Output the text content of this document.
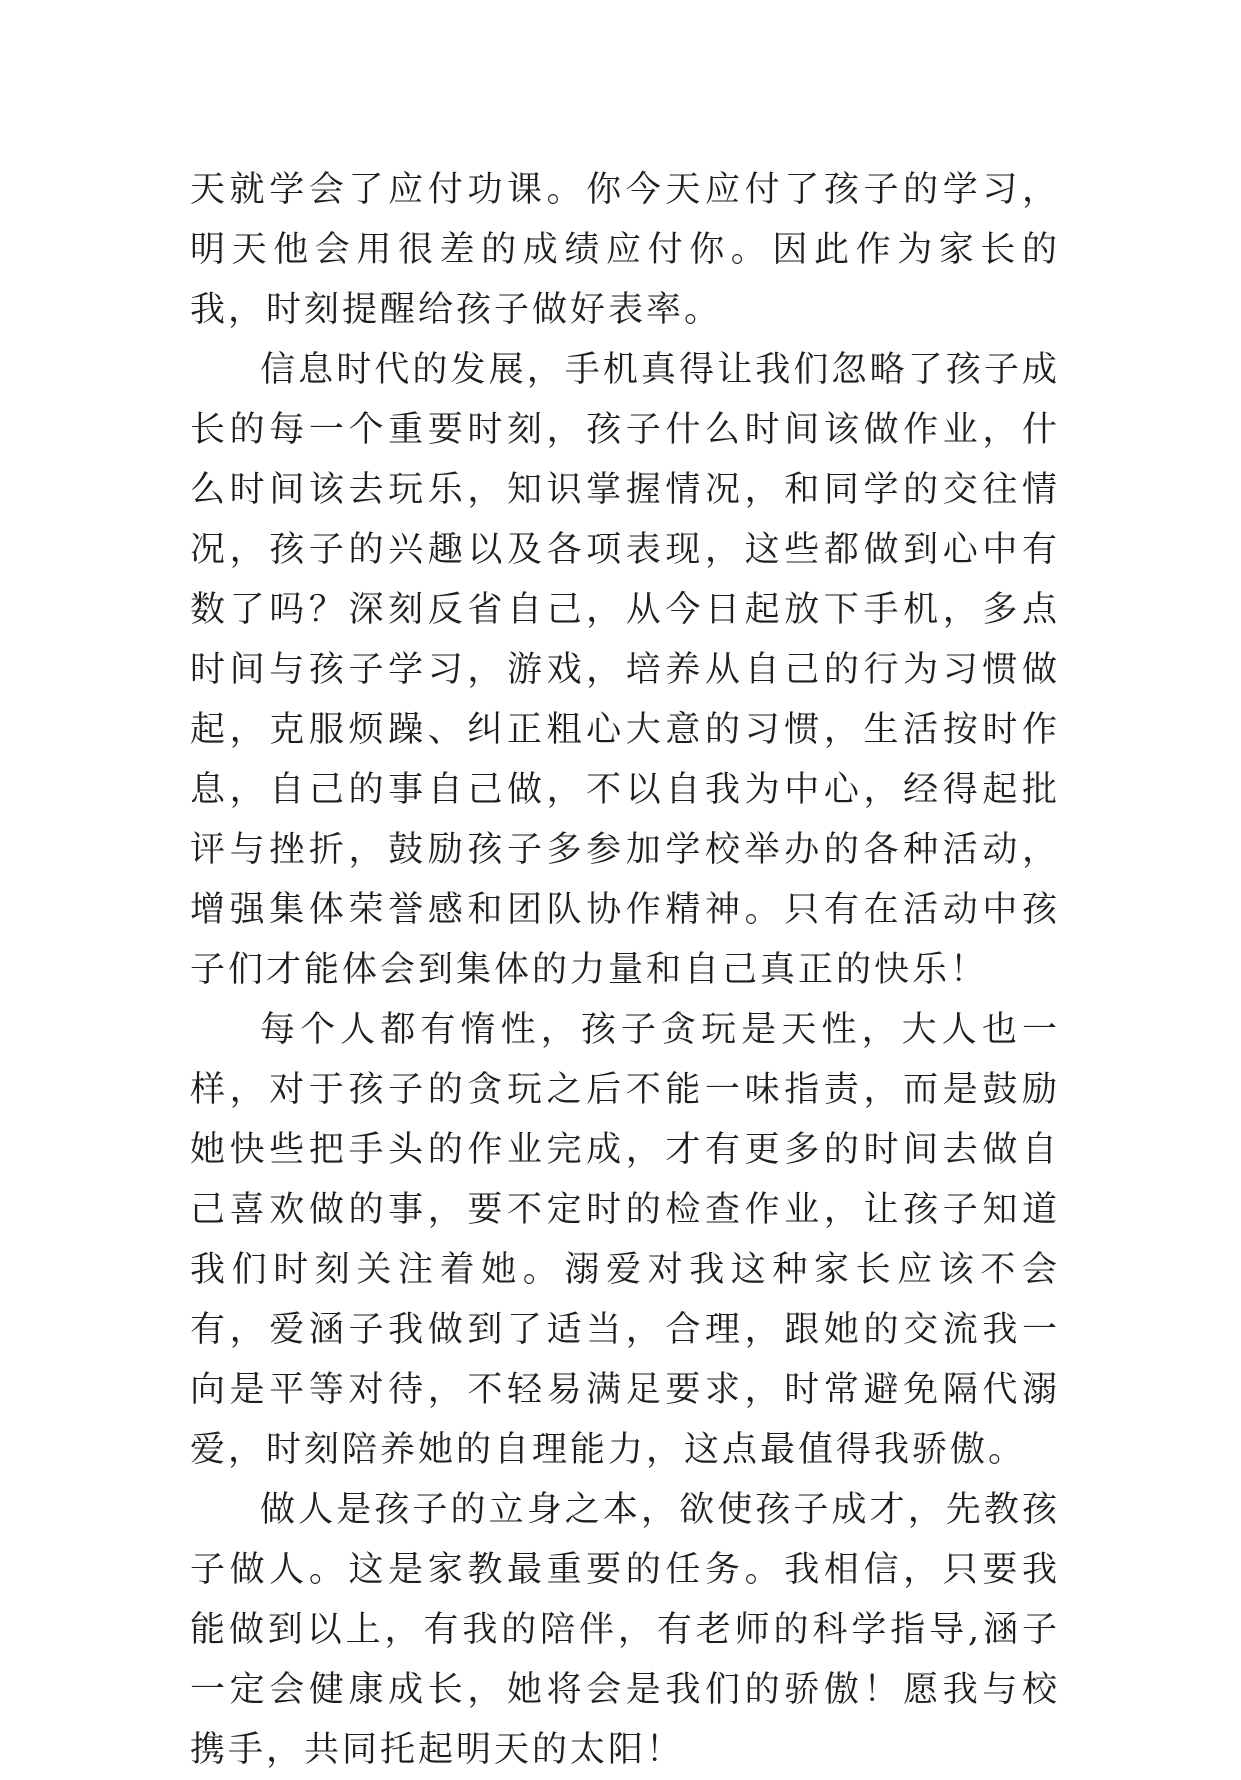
天就学会了应付功课。你今天应付了孩子的学习，明天他会用很差的成绩应付你。因此作为家长的我，时刻提醒给孩子做好表率。

信息时代的发展，手机真得让我们忽略了孩子成长的每一个重要时刻，孩子什么时间该做作业，什么时间该去玩乐，知识掌握情况，和同学的交往情况，孩子的兴趣以及各项表现，这些都做到心中有数了吗？深刻反省自己，从今日起放下手机，多点时间与孩子学习，游戏，培养从自己的行为习惯做起，克服烦躁、纠正粗心大意的习惯，生活按时作息，自己的事自己做，不以自我为中心，经得起批评与挫折，鼓励孩子多参加学校举办的各种活动，增强集体荣誉感和团队协作精神。只有在活动中孩子们才能体会到集体的力量和自己真正的快乐！

每个人都有惰性，孩子贪玩是天性，大人也一样，对于孩子的贪玩之后不能一味指责，而是鼓励她快些把手头的作业完成，才有更多的时间去做自己喜欢做的事，要不定时的检查作业，让孩子知道我们时刻关注着她。溺爱对我这种家长应该不会有，爱涵子我做到了适当，合理，跟她的交流我一向是平等对待，不轻易满足要求，时常避免隔代溺爱，时刻陪养她的自理能力，这点最值得我骄傲。

做人是孩子的立身之本，欲使孩子成才，先教孩子做人。这是家教最重要的任务。我相信，只要我能做到以上，有我的陪伴，有老师的科学指导,涵子一定会健康成长，她将会是我们的骄傲！愿我与校携手，共同托起明天的太阳！
